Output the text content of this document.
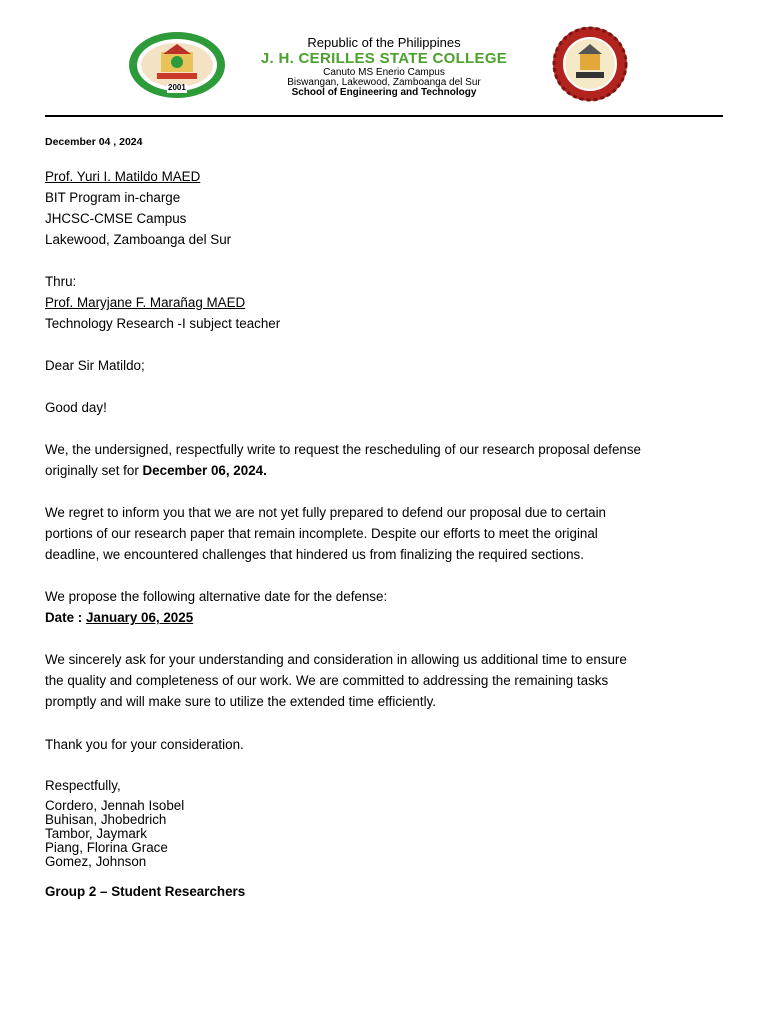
2001
Republic of the Philippines
J. H. CERILLES STATE COLLEGE
Canuto MS Enerio Campus
Biswangan, Lakewood, Zamboanga del Sur
School of Engineering and Technology
December 04 , 2024
Prof. Yuri I. Matildo MAED
BIT Program in-charge
JHCSC-CMSE Campus
Lakewood, Zamboanga del Sur
Thru:
Prof. Maryjane F. Marañag MAED
Technology Research -I subject teacher
Dear Sir Matildo;
Good day!
We, the undersigned, respectfully write to request the rescheduling of our research proposal defense
originally set for December 06, 2024.
We regret to inform you that we are not yet fully prepared to defend our proposal due to certain
portions of our research paper that remain incomplete. Despite our efforts to meet the original
deadline, we encountered challenges that hindered us from finalizing the required sections.
We propose the following alternative date for the defense:
Date : January 06, 2025
We sincerely ask for your understanding and consideration in allowing us additional time to ensure
the quality and completeness of our work. We are committed to addressing the remaining tasks
promptly and will make sure to utilize the extended time efficiently.
Thank you for your consideration.
Respectfully,
Cordero, Jennah Isobel
Buhisan, Jhobedrich
Tambor, Jaymark
Piang, Florina Grace
Gomez, Johnson
Group 2 – Student Researchers
